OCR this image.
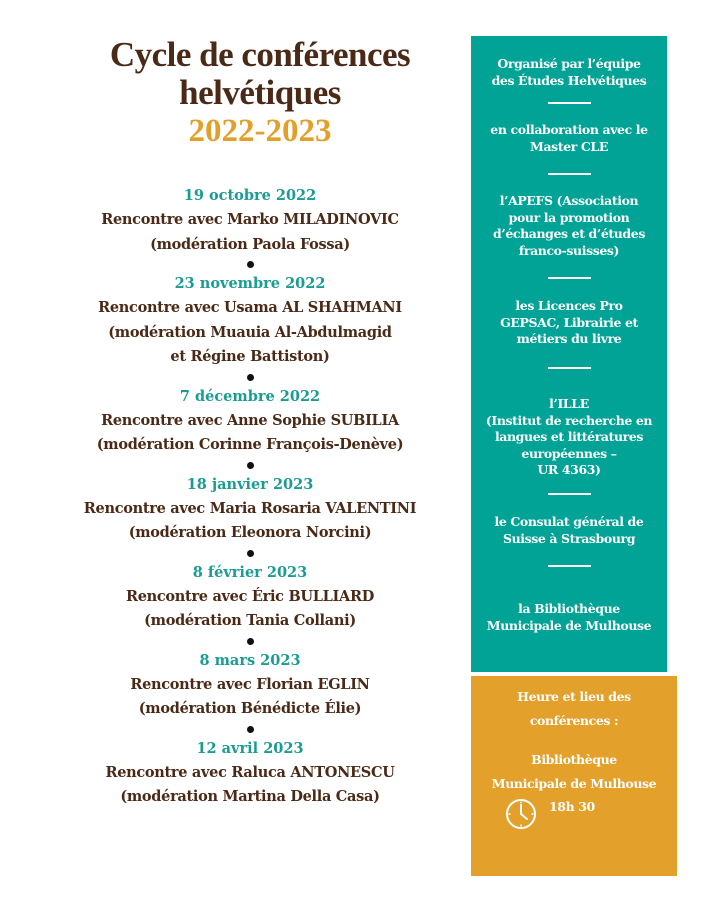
Cycle de conférences
helvétiques
2022-2023
19 octobre 2022
Rencontre avec Marko MILADINOVIC
(modération Paola Fossa)
23 novembre 2022
Rencontre avec Usama AL SHAHMANI
(modération Muauia Al-Abdulmagid
et Régine Battiston)
7 décembre 2022
Rencontre avec Anne Sophie SUBILIA
(modération Corinne François-Denève)
18 janvier 2023
Rencontre avec Maria Rosaria VALENTINI
(modération Eleonora Norcini)
8 février 2023
Rencontre avec Éric BULLIARD
(modération Tania Collani)
8 mars 2023
Rencontre avec Florian EGLIN
(modération Bénédicte Élie)
12 avril 2023
Rencontre avec Raluca ANTONESCU
(modération Martina Della Casa)
Organisé par l’équipe
des Études Helvétiques
en collaboration avec le
Master CLE
l’APEFS (Association
pour la promotion
d’échanges et d’études
franco-suisses)
les Licences Pro
GEPSAC, Librairie et
métiers du livre
l’ILLE
(Institut de recherche en
langues et littératures
européennes –
UR 4363)
le Consulat général de
Suisse à Strasbourg
la Bibliothèque
Municipale de Mulhouse
Heure et lieu des
conférences :
Bibliothèque
Municipale de Mulhouse
18h 30
